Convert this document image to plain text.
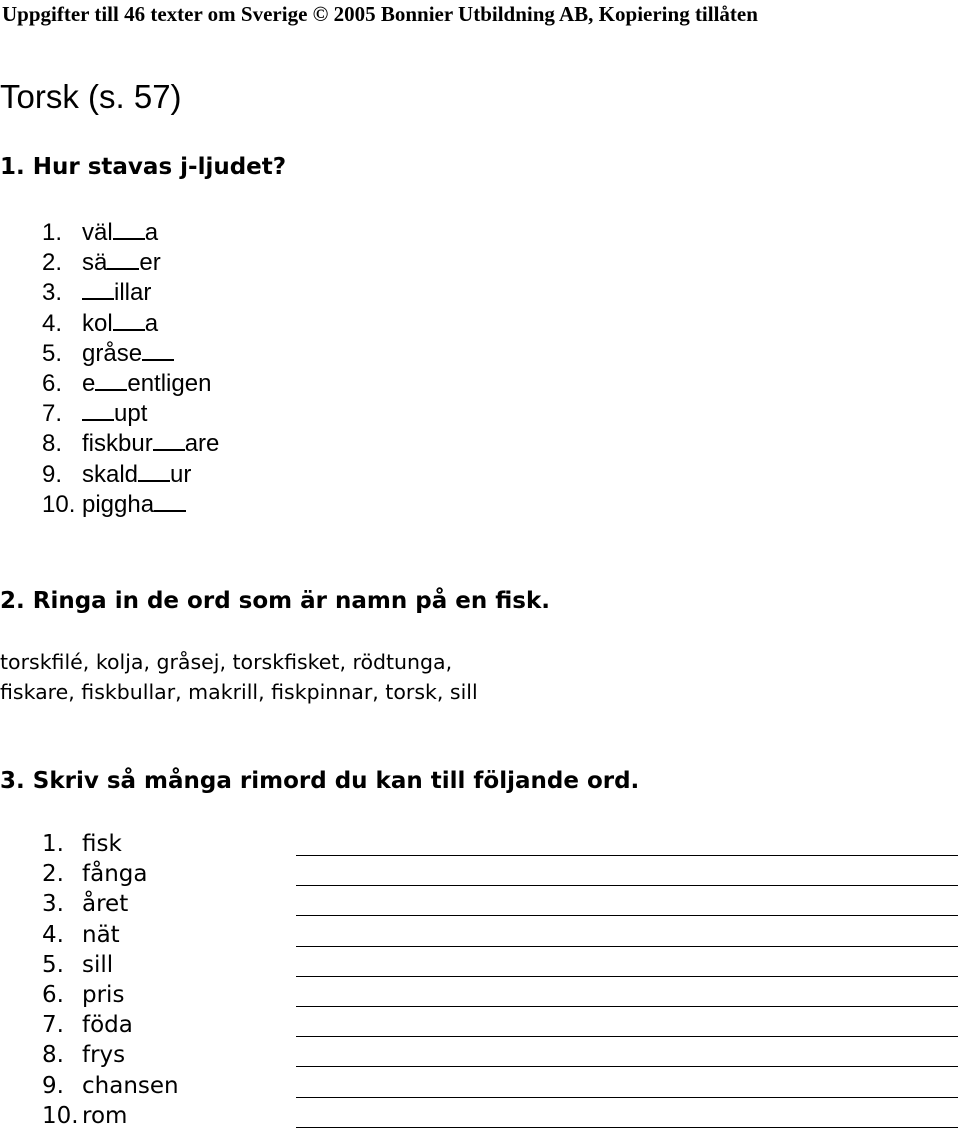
Uppgifter till 46 texter om Sverige © 2005 Bonnier Utbildning AB, Kopiering tillåten
Torsk (s. 57)
1. Hur stavas j-ljudet?
1. väl a
2. sä er
3. illar
4. kol a
5. gråse
6. e entligen
7. upt
8. fiskbur are
9. skald ur
10. piggha
2. Ringa in de ord som är namn på en fisk.
torskfilé, kolja, gråsej, torskfisket, rödtunga,
fiskare, fiskbullar, makrill, fiskpinnar, torsk, sill
3. Skriv så många rimord du kan till följande ord.
1. fisk
2. fånga
3. året
4. nät
5. sill
6. pris
7. föda
8. frys
9. chansen
10. rom
